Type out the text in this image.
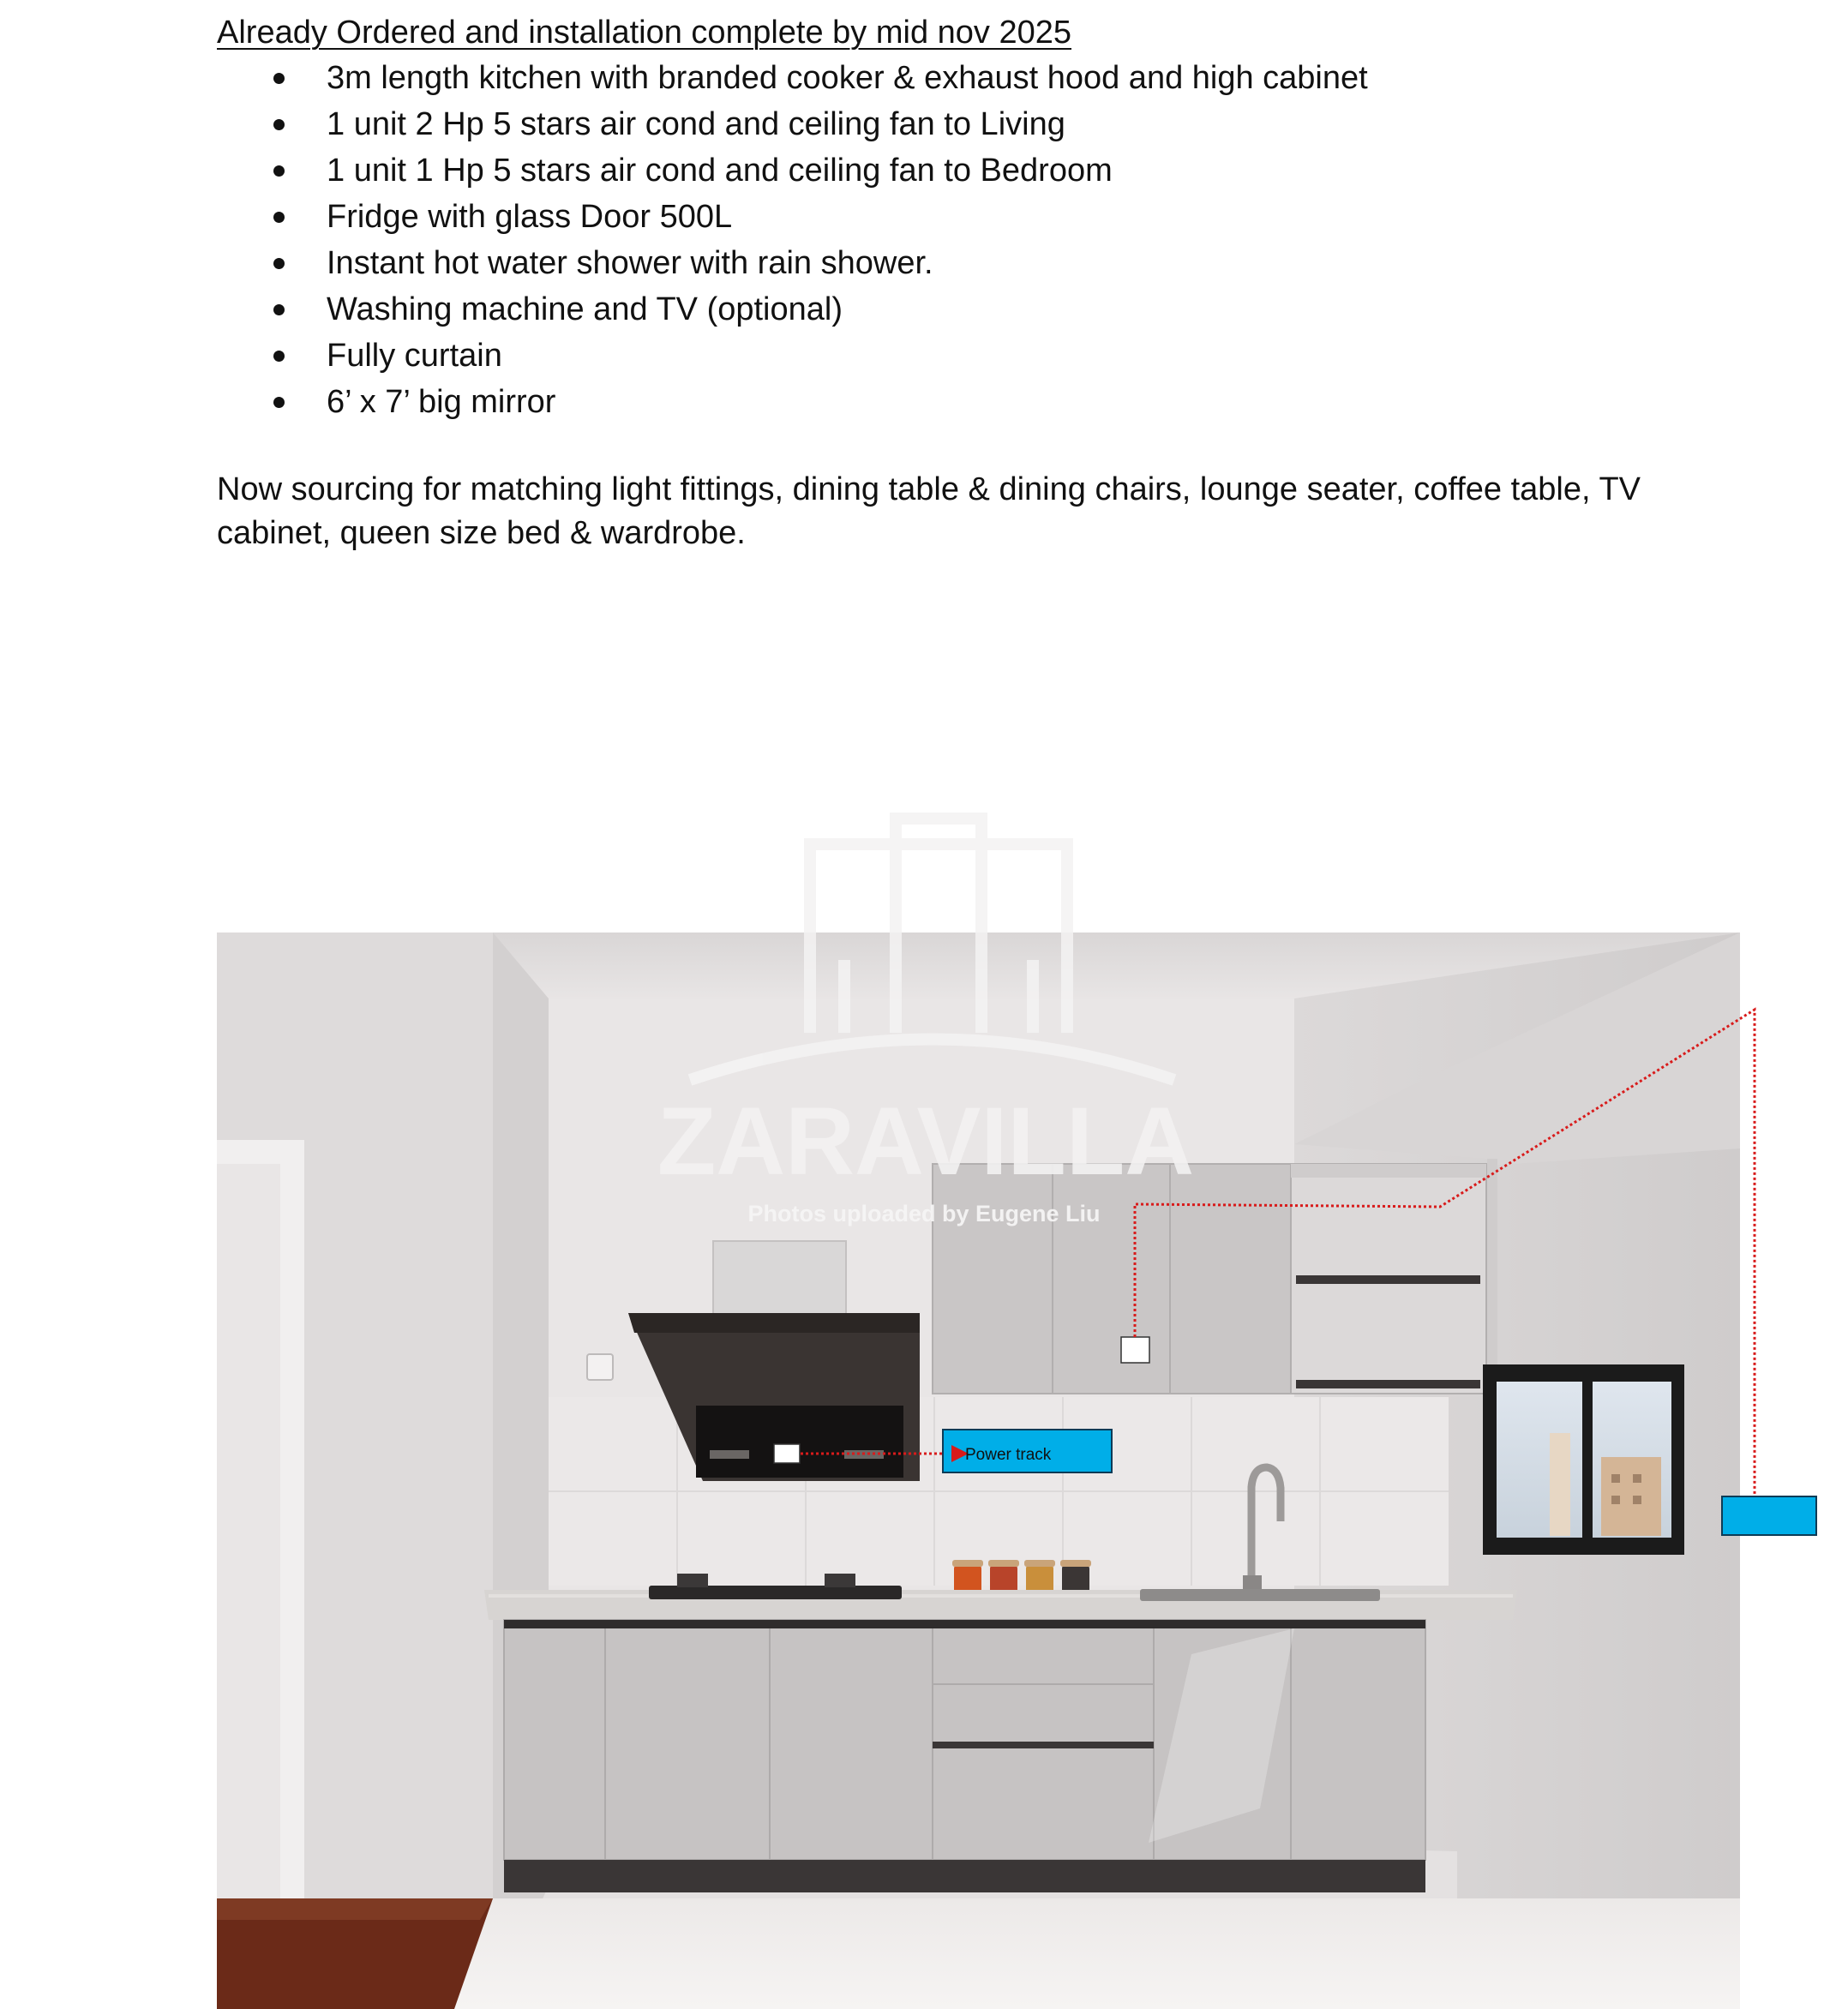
Already Ordered and installation complete by mid nov 2025
3m length kitchen with branded cooker & exhaust hood and high cabinet
1 unit 2 Hp 5 stars air cond and ceiling fan to Living
1 unit 1 Hp 5 stars air cond and ceiling fan to Bedroom
Fridge with glass Door 500L
Instant hot water shower with rain shower.
Washing machine and TV (optional)
Fully curtain
6’ x 7’ big mirror
Now sourcing for matching light fittings, dining table & dining chairs, lounge seater, coffee table, TV cabinet, queen size bed & wardrobe.
ZARAVILLA
Photos uploaded by Eugene Liu
Power track
